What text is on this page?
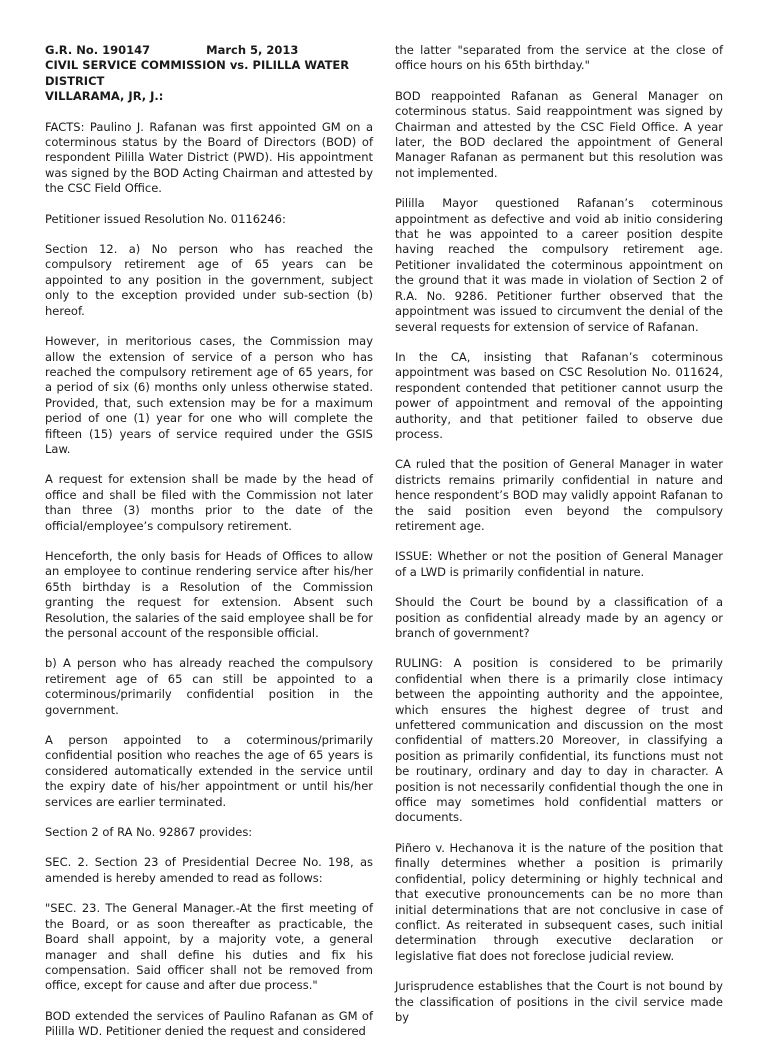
G.R. No. 190147	March 5, 2013
CIVIL SERVICE COMMISSION vs. PILILLA WATER DISTRICT
VILLARAMA, JR, J.:

FACTS: Paulino J. Rafanan was first appointed GM on a coterminous status by the Board of Directors (BOD) of respondent Pililla Water District (PWD). His appointment was signed by the BOD Acting Chairman and attested by the CSC Field Office.

Petitioner issued Resolution No. 0116246:

Section 12. a) No person who has reached the compulsory retirement age of 65 years can be appointed to any position in the government, subject only to the exception provided under sub-section (b) hereof.

However, in meritorious cases, the Commission may allow the extension of service of a person who has reached the compulsory retirement age of 65 years, for a period of six (6) months only unless otherwise stated. Provided, that, such extension may be for a maximum period of one (1) year for one who will complete the fifteen (15) years of service required under the GSIS Law.

A request for extension shall be made by the head of office and shall be filed with the Commission not later than three (3) months prior to the date of the official/employee’s compulsory retirement.

Henceforth, the only basis for Heads of Offices to allow an employee to continue rendering service after his/her 65th birthday is a Resolution of the Commission granting the request for extension. Absent such Resolution, the salaries of the said employee shall be for the personal account of the responsible official.

b) A person who has already reached the compulsory retirement age of 65 can still be appointed to a coterminous/primarily confidential position in the government.

A person appointed to a coterminous/primarily confidential position who reaches the age of 65 years is considered automatically extended in the service until the expiry date of his/her appointment or until his/her services are earlier terminated.

Section 2 of RA No. 92867 provides:

SEC. 2. Section 23 of Presidential Decree No. 198, as amended is hereby amended to read as follows:

"SEC. 23. The General Manager.-At the first meeting of the Board, or as soon thereafter as practicable, the Board shall appoint, by a majority vote, a general manager and shall define his duties and fix his compensation. Said officer shall not be removed from office, except for cause and after due process."

BOD extended the services of Paulino Rafanan as GM of Pililla WD. Petitioner denied the request and considered

the latter "separated from the service at the close of office hours on his 65th birthday."

BOD reappointed Rafanan as General Manager on coterminous status. Said reappointment was signed by Chairman and attested by the CSC Field Office. A year later, the BOD declared the appointment of General Manager Rafanan as permanent but this resolution was not implemented.

Pililla Mayor questioned Rafanan’s coterminous appointment as defective and void ab initio considering that he was appointed to a career position despite having reached the compulsory retirement age. Petitioner invalidated the coterminous appointment on the ground that it was made in violation of Section 2 of R.A. No. 9286. Petitioner further observed that the appointment was issued to circumvent the denial of the several requests for extension of service of Rafanan.

In the CA, insisting that Rafanan’s coterminous appointment was based on CSC Resolution No. 011624, respondent contended that petitioner cannot usurp the power of appointment and removal of the appointing authority, and that petitioner failed to observe due process.

CA ruled that the position of General Manager in water districts remains primarily confidential in nature and hence respondent’s BOD may validly appoint Rafanan to the said position even beyond the compulsory retirement age.

ISSUE: Whether or not the position of General Manager of a LWD is primarily confidential in nature.

Should the Court be bound by a classification of a position as confidential already made by an agency or branch of government?

RULING: A position is considered to be primarily confidential when there is a primarily close intimacy between the appointing authority and the appointee, which ensures the highest degree of trust and unfettered communication and discussion on the most confidential of matters.20 Moreover, in classifying a position as primarily confidential, its functions must not be routinary, ordinary and day to day in character. A position is not necessarily confidential though the one in office may sometimes hold confidential matters or documents.

Piñero v. Hechanova it is the nature of the position that finally determines whether a position is primarily confidential, policy determining or highly technical and that executive pronouncements can be no more than initial determinations that are not conclusive in case of conflict. As reiterated in subsequent cases, such initial determination through executive declaration or legislative fiat does not foreclose judicial review.

Jurisprudence establishes that the Court is not bound by the classification of positions in the civil service made by
